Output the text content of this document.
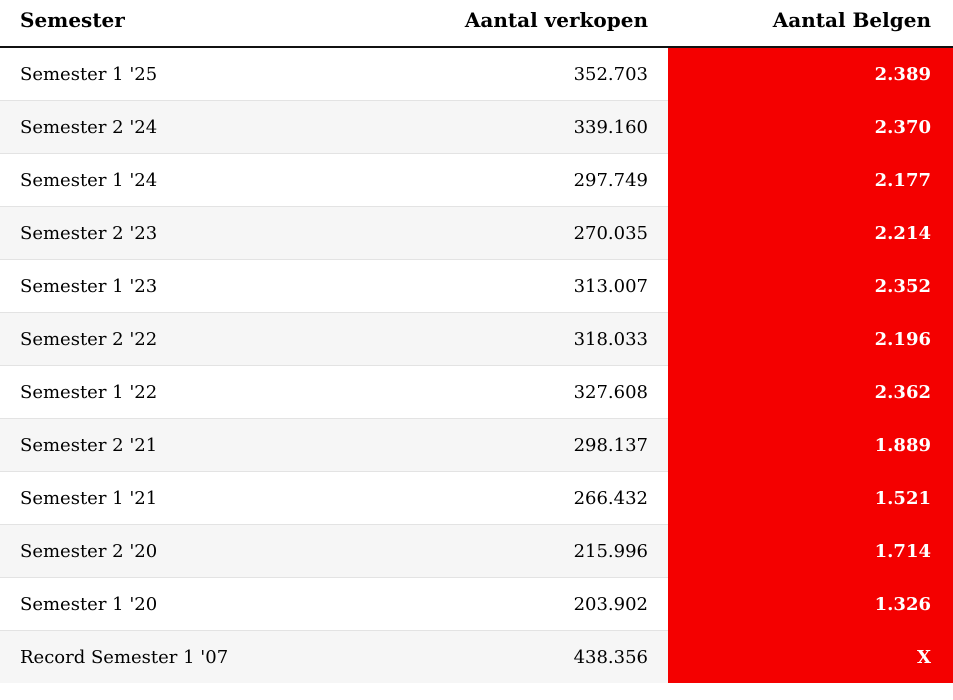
Semester	Aantal verkopen	Aantal Belgen
Semester 1 '25	352.703	2.389
Semester 2 '24	339.160	2.370
Semester 1 '24	297.749	2.177
Semester 2 '23	270.035	2.214
Semester 1 '23	313.007	2.352
Semester 2 '22	318.033	2.196
Semester 1 '22	327.608	2.362
Semester 2 '21	298.137	1.889
Semester 1 '21	266.432	1.521
Semester 2 '20	215.996	1.714
Semester 1 '20	203.902	1.326
Record Semester 1 '07	438.356	X
